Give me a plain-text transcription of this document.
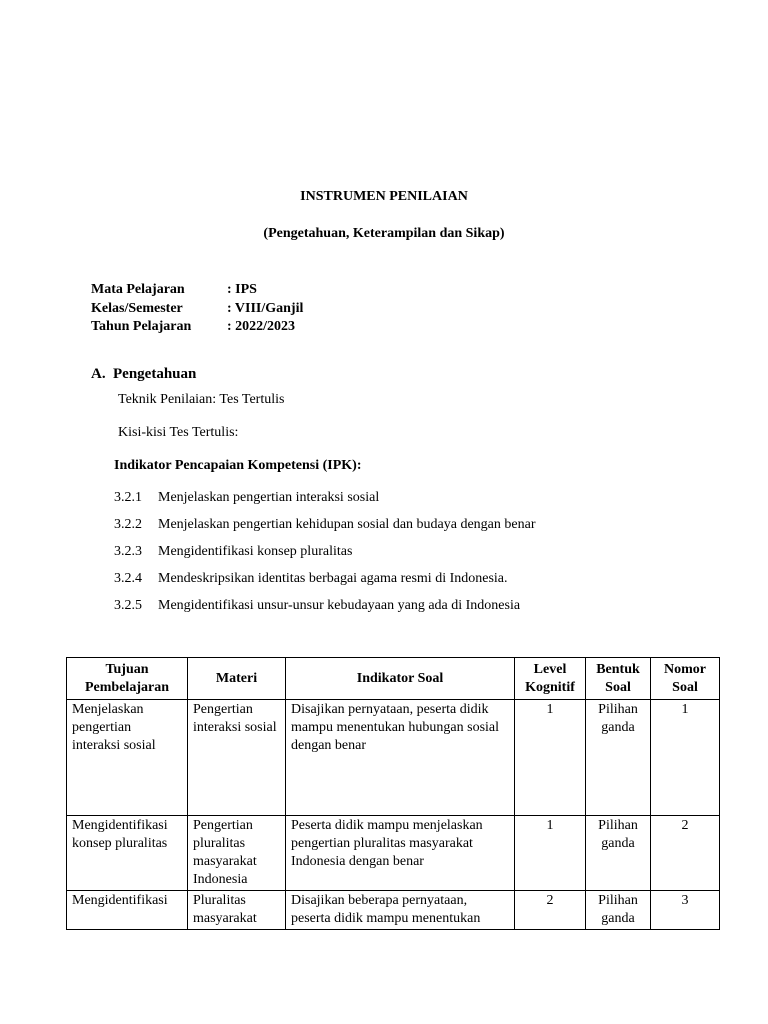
INSTRUMEN PENILAIAN
(Pengetahuan, Keterampilan dan Sikap)
Mata Pelajaran	: IPS
Kelas/Semester	: VIII/Ganjil
Tahun Pelajaran	: 2022/2023
A. Pengetahuan
Teknik Penilaian: Tes Tertulis
Kisi-kisi Tes Tertulis:
Indikator Pencapaian Kompetensi (IPK):
3.2.1 Menjelaskan pengertian interaksi sosial
3.2.2 Menjelaskan pengertian kehidupan sosial dan budaya dengan benar
3.2.3 Mengidentifikasi konsep pluralitas
3.2.4 Mendeskripsikan identitas berbagai agama resmi di Indonesia.
3.2.5 Mengidentifikasi unsur-unsur kebudayaan yang ada di Indonesia
Tujuan Pembelajaran	Materi	Indikator Soal	Level Kognitif	Bentuk Soal	Nomor Soal
Menjelaskan pengertian interaksi sosial	Pengertian interaksi sosial	Disajikan pernyataan, peserta didik mampu menentukan hubungan sosial dengan benar	1	Pilihan ganda	1
Mengidentifikasi konsep pluralitas	Pengertian pluralitas masyarakat Indonesia	Peserta didik mampu menjelaskan pengertian pluralitas masyarakat Indonesia dengan benar	1	Pilihan ganda	2
Mengidentifikasi	Pluralitas masyarakat	Disajikan beberapa pernyataan, peserta didik mampu menentukan	2	Pilihan ganda	3
